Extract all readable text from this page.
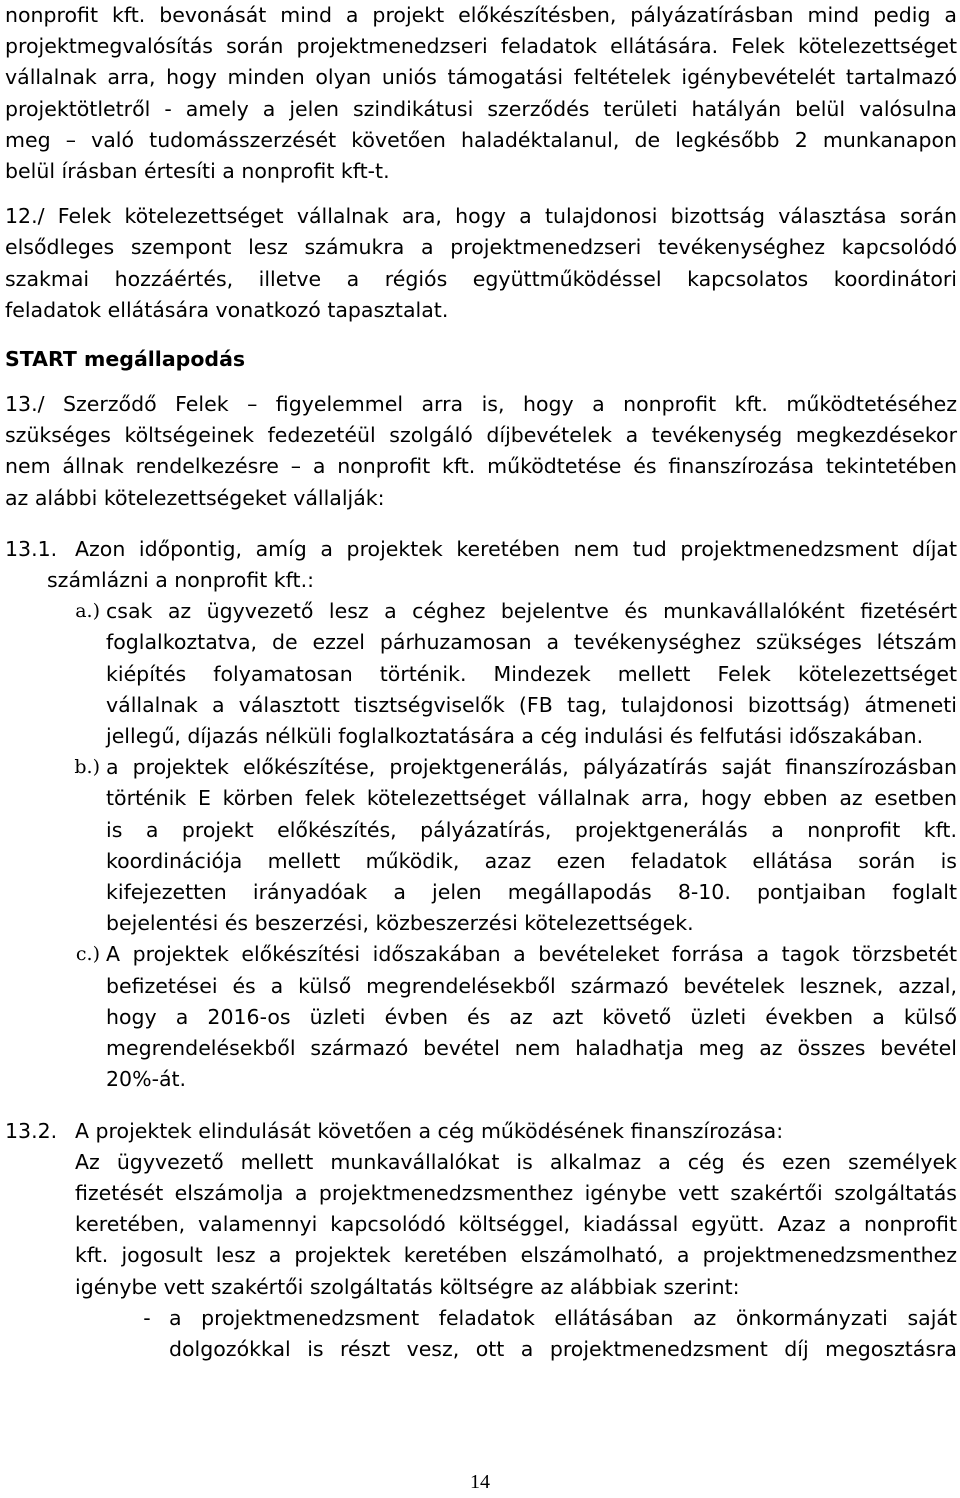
nonprofit kft. bevonását mind a projekt előkészítésben, pályázatírásban mind pedig a

projektmegvalósítás során projektmenedzseri feladatok ellátására. Felek kötelezettséget

vállalnak arra, hogy minden olyan uniós támogatási feltételek igénybevételét tartalmazó

projektötletről - amely a jelen szindikátusi szerződés területi hatályán belül valósulna

meg – való tudomásszerzését követően haladéktalanul, de legkésőbb 2 munkanapon

belül írásban értesíti a nonprofit kft-t.

12./ Felek kötelezettséget vállalnak ara, hogy a tulajdonosi bizottság választása során

elsődleges szempont lesz számukra a projektmenedzseri tevékenységhez kapcsolódó

szakmai hozzáértés, illetve a régiós együttműködéssel kapcsolatos koordinátori

feladatok ellátására vonatkozó tapasztalat.

START megállapodás

13./ Szerződő Felek – figyelemmel arra is, hogy a nonprofit kft. működtetéséhez

szükséges költségeinek fedezetéül szolgáló díjbevételek a tevékenység megkezdésekor

nem állnak rendelkezésre – a nonprofit kft. működtetése és finanszírozása tekintetében

az alábbi kötelezettségeket vállalják:

13.1. Azon időpontig, amíg a projektek keretében nem tud projektmenedzsment díjat

számlázni a nonprofit kft.:

a.) csak az ügyvezető lesz a céghez bejelentve és munkavállalóként fizetésért

foglalkoztatva, de ezzel párhuzamosan a tevékenységhez szükséges létszám

kiépítés folyamatosan történik. Mindezek mellett Felek kötelezettséget

vállalnak a választott tisztségviselők (FB tag, tulajdonosi bizottság) átmeneti

jellegű, díjazás nélküli foglalkoztatására a cég indulási és felfutási időszakában.

b.) a projektek előkészítése, projektgenerálás, pályázatírás saját finanszírozásban

történik E körben felek kötelezettséget vállalnak arra, hogy ebben az esetben

is a projekt előkészítés, pályázatírás, projektgenerálás a nonprofit kft.

koordinációja mellett működik, azaz ezen feladatok ellátása során is

kifejezetten irányadóak a jelen megállapodás 8-10. pontjaiban foglalt

bejelentési és beszerzési, közbeszerzési kötelezettségek.

c.) A projektek előkészítési időszakában a bevételeket forrása a tagok törzsbetét

befizetései és a külső megrendelésekből származó bevételek lesznek, azzal,

hogy a 2016-os üzleti évben és az azt követő üzleti években a külső

megrendelésekből származó bevétel nem haladhatja meg az összes bevétel

20%-át.

13.2. A projektek elindulását követően a cég működésének finanszírozása:

Az ügyvezető mellett munkavállalókat is alkalmaz a cég és ezen személyek

fizetését elszámolja a projektmenedzsmenthez igénybe vett szakértői szolgáltatás

keretében, valamennyi kapcsolódó költséggel, kiadással együtt. Azaz a nonprofit

kft. jogosult lesz a projektek keretében elszámolható, a projektmenedzsmenthez

igénybe vett szakértői szolgáltatás költségre az alábbiak szerint:

- a projektmenedzsment feladatok ellátásában az önkormányzati saját

dolgozókkal is részt vesz, ott a projektmenedzsment díj megosztásra

14
